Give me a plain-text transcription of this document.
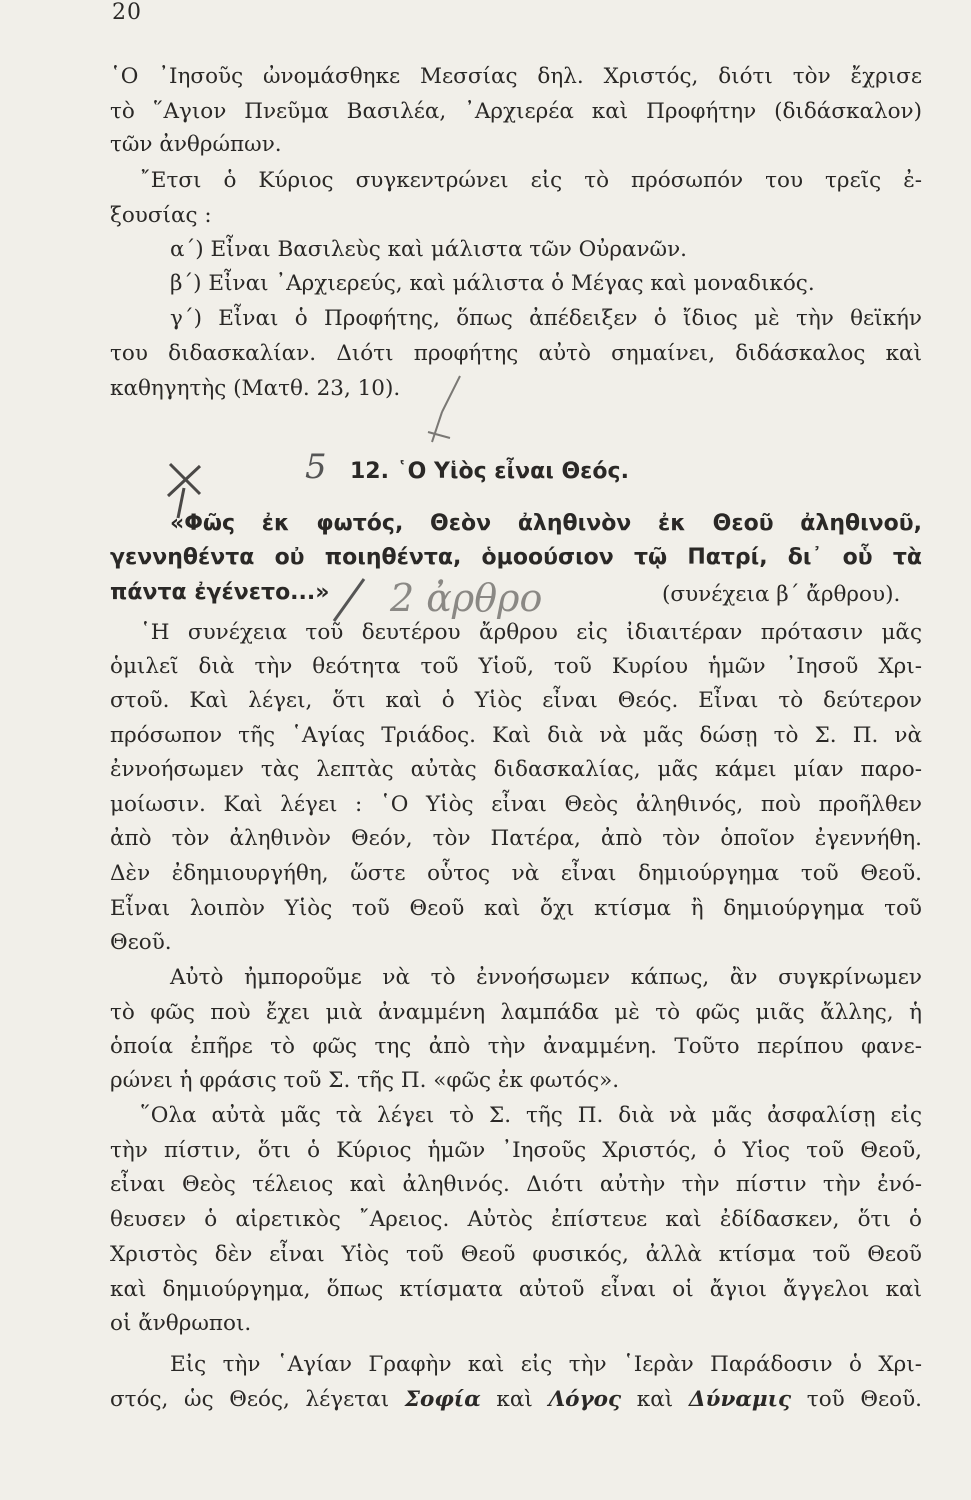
20
῾Ο ᾿Ιησοῦς ὠνομάσθηκε Μεσσίας δηλ. Χριστός, διότι τὸν ἔχρισε
τὸ ῞Αγιον Πνεῦμα Βασιλέα, ᾿Αρχιερέα καὶ Προφήτην (διδάσκαλον)
τῶν ἀνθρώπων.
῎Ετσι ὁ Κύριος συγκεντρώνει εἰς τὸ πρόσωπόν του τρεῖς ἐ-
ξουσίας :
α΄) Εἶναι Βασιλεὺς καὶ μάλιστα τῶν Οὐρανῶν.
β΄) Εἶναι ᾿Αρχιερεύς, καὶ μάλιστα ὁ Μέγας καὶ μοναδικός.
γ΄) Εἶναι ὁ Προφήτης, ὅπως ἀπέδειξεν ὁ ἴδιος μὲ τὴν θεϊκήν
του διδασκαλίαν. Διότι προφήτης αὐτὸ σημαίνει, διδάσκαλος καὶ
καθηγητὴς (Ματθ. 23, 10).
12. ῾Ο Υἱὸς εἶναι Θεός.
«Φῶς ἐκ φωτός, Θεὸν ἀληθινὸν ἐκ Θεοῦ ἀληθινοῦ,
γεννηθέντα οὐ ποιηθέντα, ὁμοούσιον τῷ Πατρί, δι᾿ οὗ τὰ
πάντα ἐγένετο...»	(συνέχεια β΄ ἄρθρου).
῾Η συνέχεια τοῦ δευτέρου ἄρθρου εἰς ἰδιαιτέραν πρότασιν μᾶς
ὁμιλεῖ διὰ τὴν θεότητα τοῦ Υἱοῦ, τοῦ Κυρίου ἡμῶν ᾿Ιησοῦ Χρι-
στοῦ. Καὶ λέγει, ὅτι καὶ ὁ Υἱὸς εἶναι Θεός. Εἶναι τὸ δεύτερον
πρόσωπον τῆς ῾Αγίας Τριάδος. Καὶ διὰ νὰ μᾶς δώσῃ τὸ Σ. Π. νὰ
ἐννοήσωμεν τὰς λεπτὰς αὐτὰς διδασκαλίας, μᾶς κάμει μίαν παρο-
μοίωσιν. Καὶ λέγει : ῾Ο Υἱὸς εἶναι Θεὸς ἀληθινός, ποὺ προῆλθεν
ἀπὸ τὸν ἀληθινὸν Θεόν, τὸν Πατέρα, ἀπὸ τὸν ὁποῖον ἐγεννήθη.
Δὲν ἐδημιουργήθη, ὥστε οὗτος νὰ εἶναι δημιούργημα τοῦ Θεοῦ.
Εἶναι λοιπὸν Υἱὸς τοῦ Θεοῦ καὶ ὄχι κτίσμα ἢ δημιούργημα τοῦ
Θεοῦ.
Αὐτὸ ἠμποροῦμε νὰ τὸ ἐννοήσωμεν κάπως, ἂν συγκρίνωμεν
τὸ φῶς ποὺ ἔχει μιὰ ἀναμμένη λαμπάδα μὲ τὸ φῶς μιᾶς ἄλλης, ἡ
ὁποία ἐπῆρε τὸ φῶς της ἀπὸ τὴν ἀναμμένη. Τοῦτο περίπου φανε-
ρώνει ἡ φράσις τοῦ Σ. τῆς Π. «φῶς ἐκ φωτός».
῞Ολα αὐτὰ μᾶς τὰ λέγει τὸ Σ. τῆς Π. διὰ νὰ μᾶς ἀσφαλίσῃ εἰς
τὴν πίστιν, ὅτι ὁ Κύριος ἡμῶν ᾿Ιησοῦς Χριστός, ὁ Υἱος τοῦ Θεοῦ,
εἶναι Θεὸς τέλειος καὶ ἀληθινός. Διότι αὐτὴν τὴν πίστιν τὴν ἐνό-
θευσεν ὁ αἱρετικὸς ῎Αρειος. Αὐτὸς ἐπίστευε καὶ ἐδίδασκεν, ὅτι ὁ
Χριστὸς δὲν εἶναι Υἱὸς τοῦ Θεοῦ φυσικός, ἀλλὰ κτίσμα τοῦ Θεοῦ
καὶ δημιούργημα, ὅπως κτίσματα αὐτοῦ εἶναι οἱ ἄγιοι ἄγγελοι καὶ
οἱ ἄνθρωποι.
Εἰς τὴν ῾Αγίαν Γραφὴν καὶ εἰς τὴν ῾Ιερὰν Παράδοσιν ὁ Χρι-
στός, ὡς Θεός, λέγεται Σοφία καὶ Λόγος καὶ Δύναμις τοῦ Θεοῦ.
5
2 ἀρθρο
